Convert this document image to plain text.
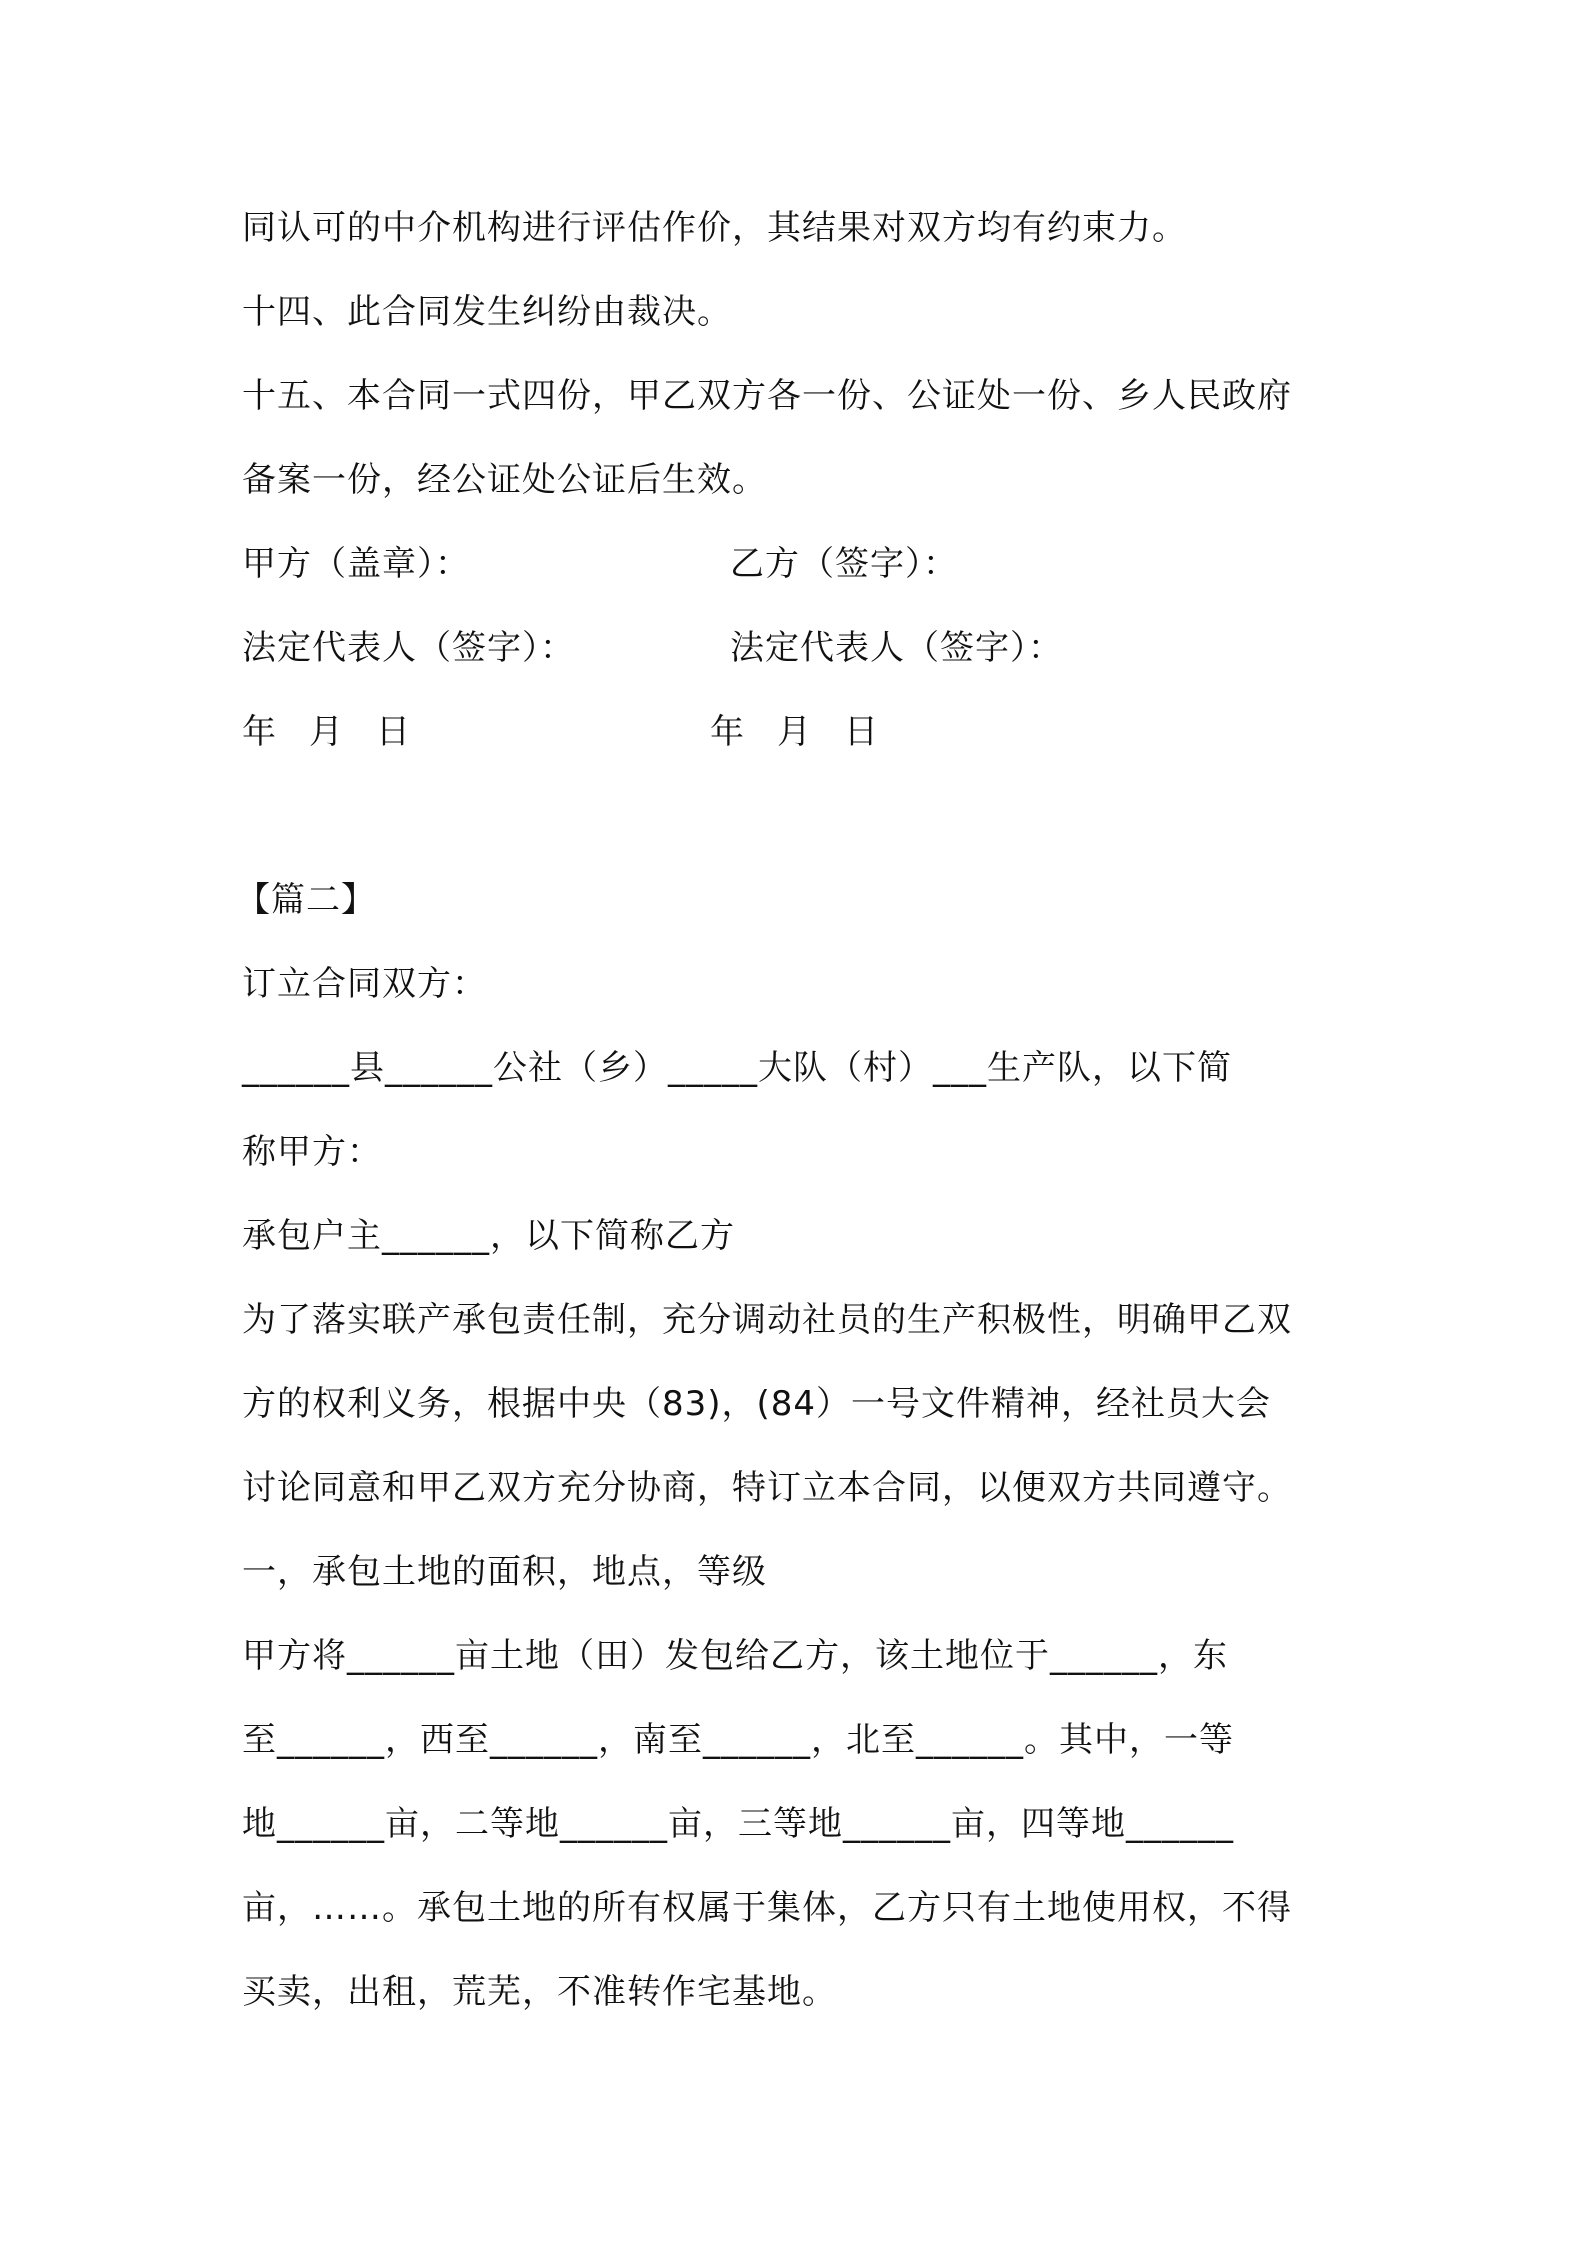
同认可的中介机构进行评估作价，其结果对双方均有约束力。
十四、此合同发生纠纷由裁决。
十五、本合同一式四份，甲乙双方各一份、公证处一份、乡人民政府
备案一份，经公证处公证后生效。
甲方（盖章）：	乙方（签字）：
法定代表人（签字）：	法定代表人（签字）：
年 月 日	年 月 日
【篇二】
订立合同双方：
______县______公社（乡）_____大队（村）___生产队，以下简
称甲方：
承包户主______，以下简称乙方
为了落实联产承包责任制，充分调动社员的生产积极性，明确甲乙双
方的权利义务，根据中央（83)，(84）一号文件精神，经社员大会
讨论同意和甲乙双方充分协商，特订立本合同，以便双方共同遵守。
一，承包土地的面积，地点，等级
甲方将______亩土地（田）发包给乙方，该土地位于______，东
至______，西至______，南至______，北至______。其中，一等
地______亩，二等地______亩，三等地______亩，四等地______
亩，……。承包土地的所有权属于集体，乙方只有土地使用权，不得
买卖，出租，荒芜，不准转作宅基地。
